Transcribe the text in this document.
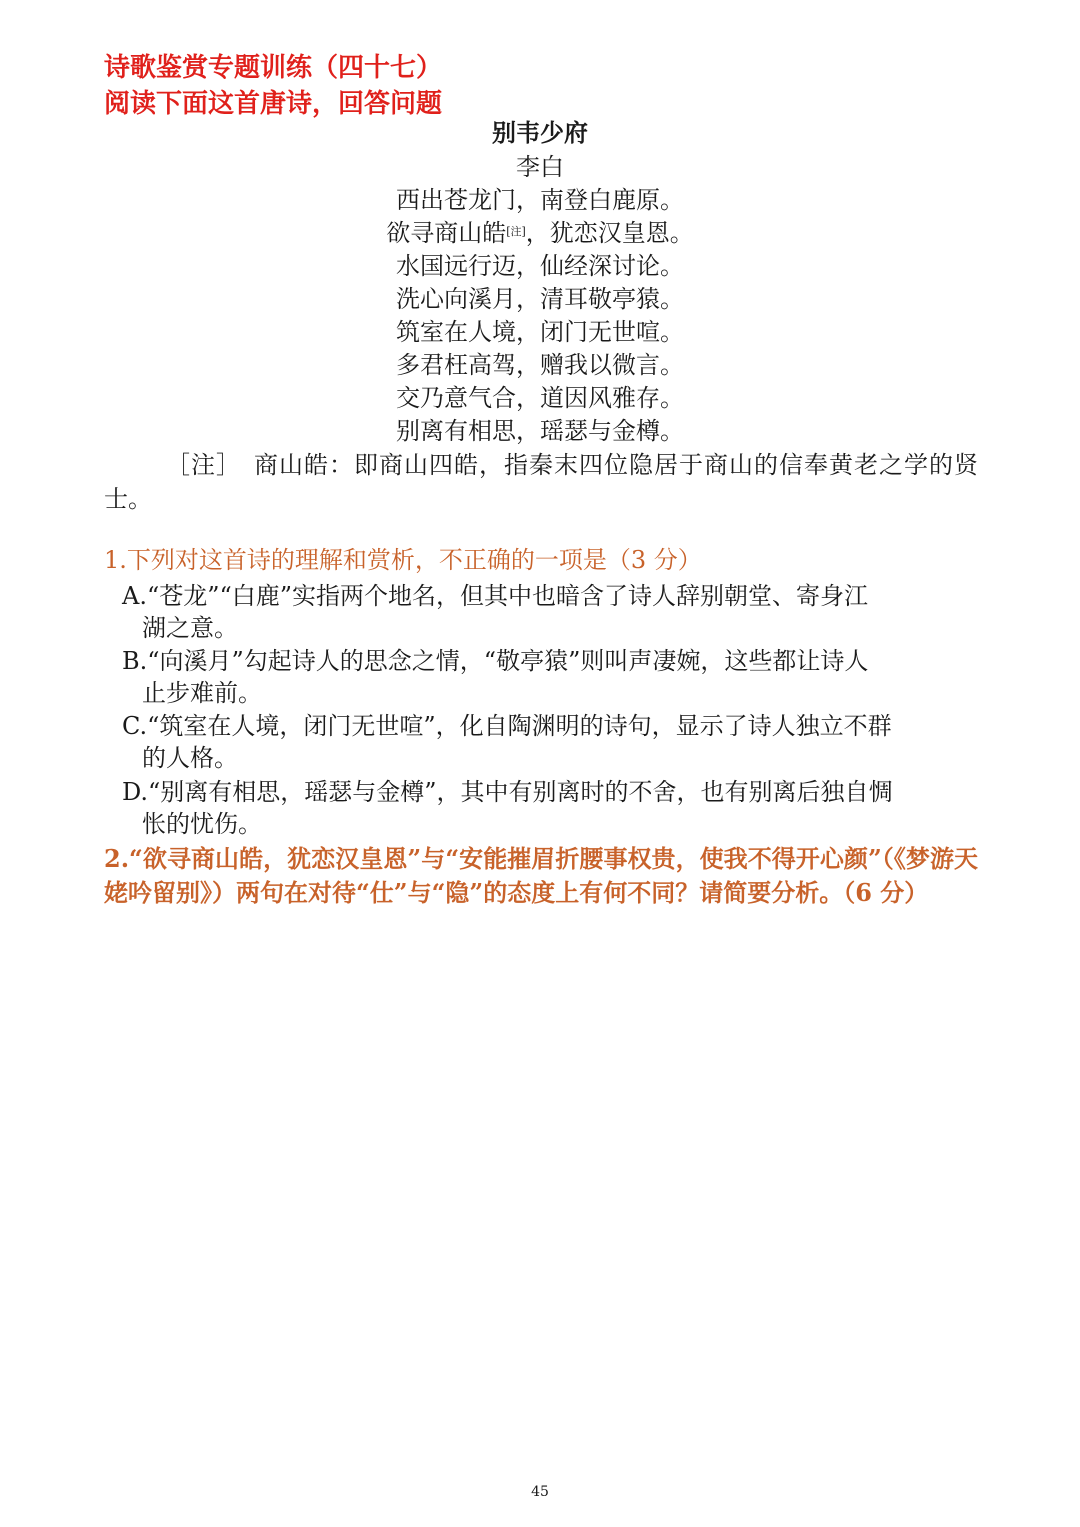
诗歌鉴赏专题训练（四十七）
阅读下面这首唐诗，回答问题
别韦少府
李白
西出苍龙门，南登白鹿原。
欲寻商山皓[注]，犹恋汉皇恩。
水国远行迈，仙经深讨论。
洗心向溪月，清耳敬亭猿。
筑室在人境，闭门无世喧。
多君枉高驾，赠我以微言。
交乃意气合，道因风雅存。
别离有相思，瑶瑟与金樽。
［注］　商山皓：即商山四皓，指秦末四位隐居于商山的信奉黄老之学的贤士。
1.下列对这首诗的理解和赏析，不正确的一项是（3 分）
A.“苍龙”“白鹿”实指两个地名，但其中也暗含了诗人辞别朝堂、寄身江
湖之意。
B.“向溪月”勾起诗人的思念之情，“敬亭猿”则叫声凄婉，这些都让诗人
止步难前。
C.“筑室在人境，闭门无世喧”，化自陶渊明的诗句，显示了诗人独立不群
的人格。
D.“别离有相思，瑶瑟与金樽”，其中有别离时的不舍，也有别离后独自惆
怅的忧伤。
2.“欲寻商山皓，犹恋汉皇恩”与“安能摧眉折腰事权贵，使我不得开心颜”（《梦游天姥吟留别》）两句在对待“仕”与“隐”的态度上有何不同？请简要分析。（6 分）
45
